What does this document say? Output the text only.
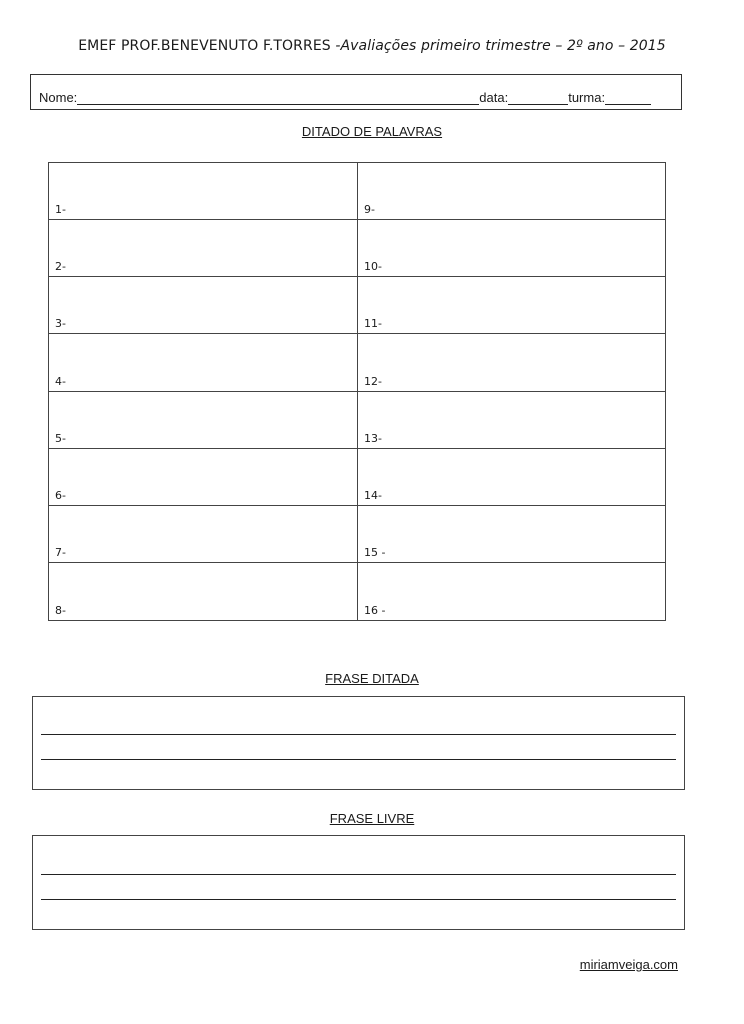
EMEF PROF.BENEVENUTO F.TORRES -Avaliações primeiro trimestre – 2º ano – 2015
Nome:	data:	turma:
DITADO DE PALAVRAS
1-	9-
2-	10-
3-	11-
4-	12-
5-	13-
6-	14-
7-	15 -
8-	16 -
FRASE DITADA
FRASE LIVRE
miriamveiga.com
